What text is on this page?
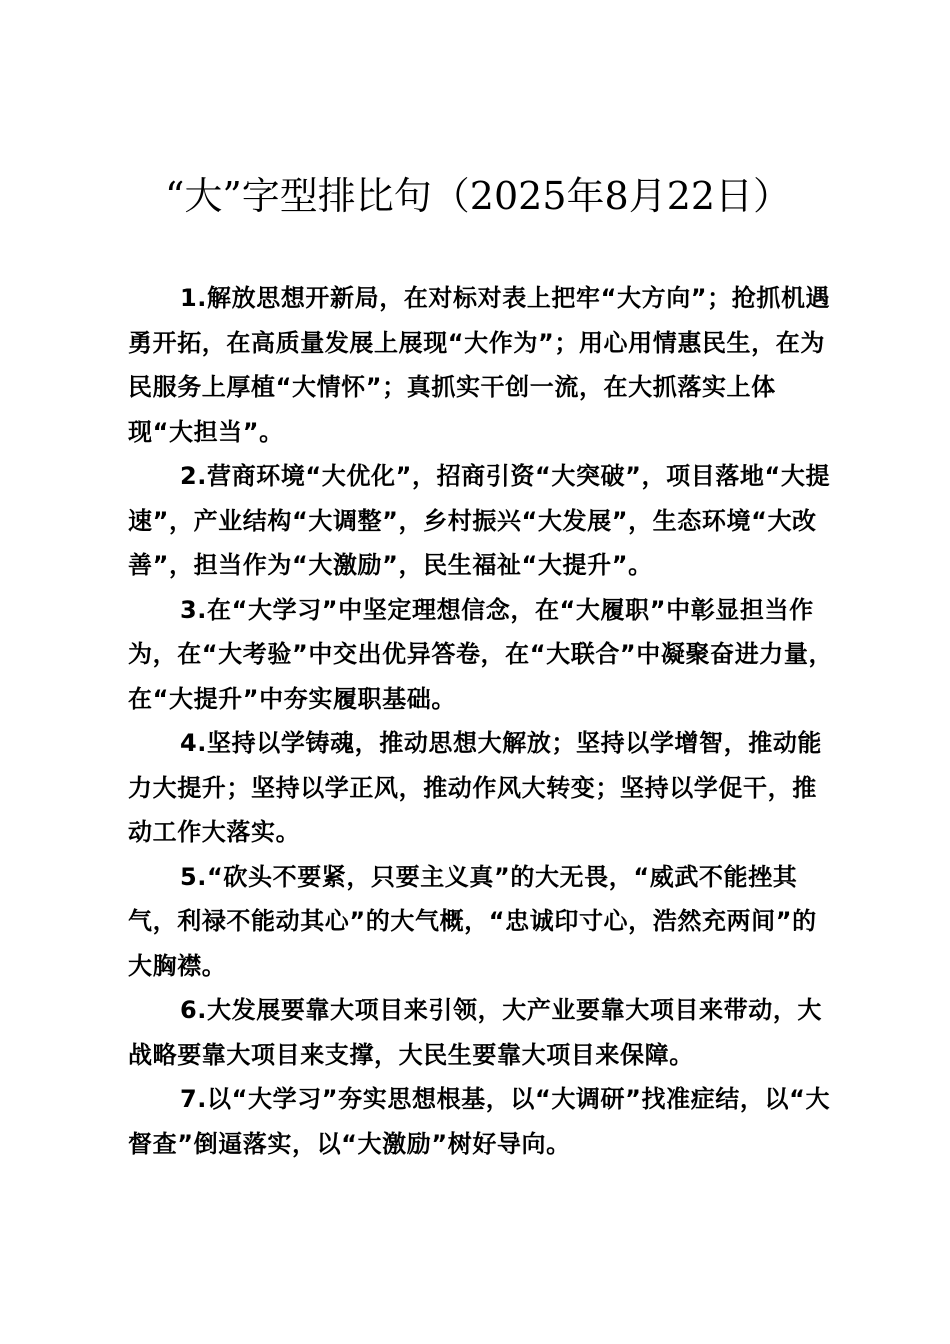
“大”字型排比句（2025年8月22日）

1.解放思想开新局，在对标对表上把牢“大方向”；抢抓机遇勇开拓，在高质量发展上展现“大作为”；用心用情惠民生，在为民服务上厚植“大情怀”；真抓实干创一流，在大抓落实上体现“大担当”。

2.营商环境“大优化”，招商引资“大突破”，项目落地“大提速”，产业结构“大调整”，乡村振兴“大发展”，生态环境“大改善”，担当作为“大激励”，民生福祉“大提升”。

3.在“大学习”中坚定理想信念，在“大履职”中彰显担当作为，在“大考验”中交出优异答卷，在“大联合”中凝聚奋进力量，在“大提升”中夯实履职基础。

4.坚持以学铸魂，推动思想大解放；坚持以学增智，推动能力大提升；坚持以学正风，推动作风大转变；坚持以学促干，推动工作大落实。

5.“砍头不要紧，只要主义真”的大无畏，“威武不能挫其气，利禄不能动其心”的大气概，“忠诚印寸心，浩然充两间”的大胸襟。

6.大发展要靠大项目来引领，大产业要靠大项目来带动，大战略要靠大项目来支撑，大民生要靠大项目来保障。

7.以“大学习”夯实思想根基，以“大调研”找准症结，以“大督查”倒逼落实，以“大激励”树好导向。
